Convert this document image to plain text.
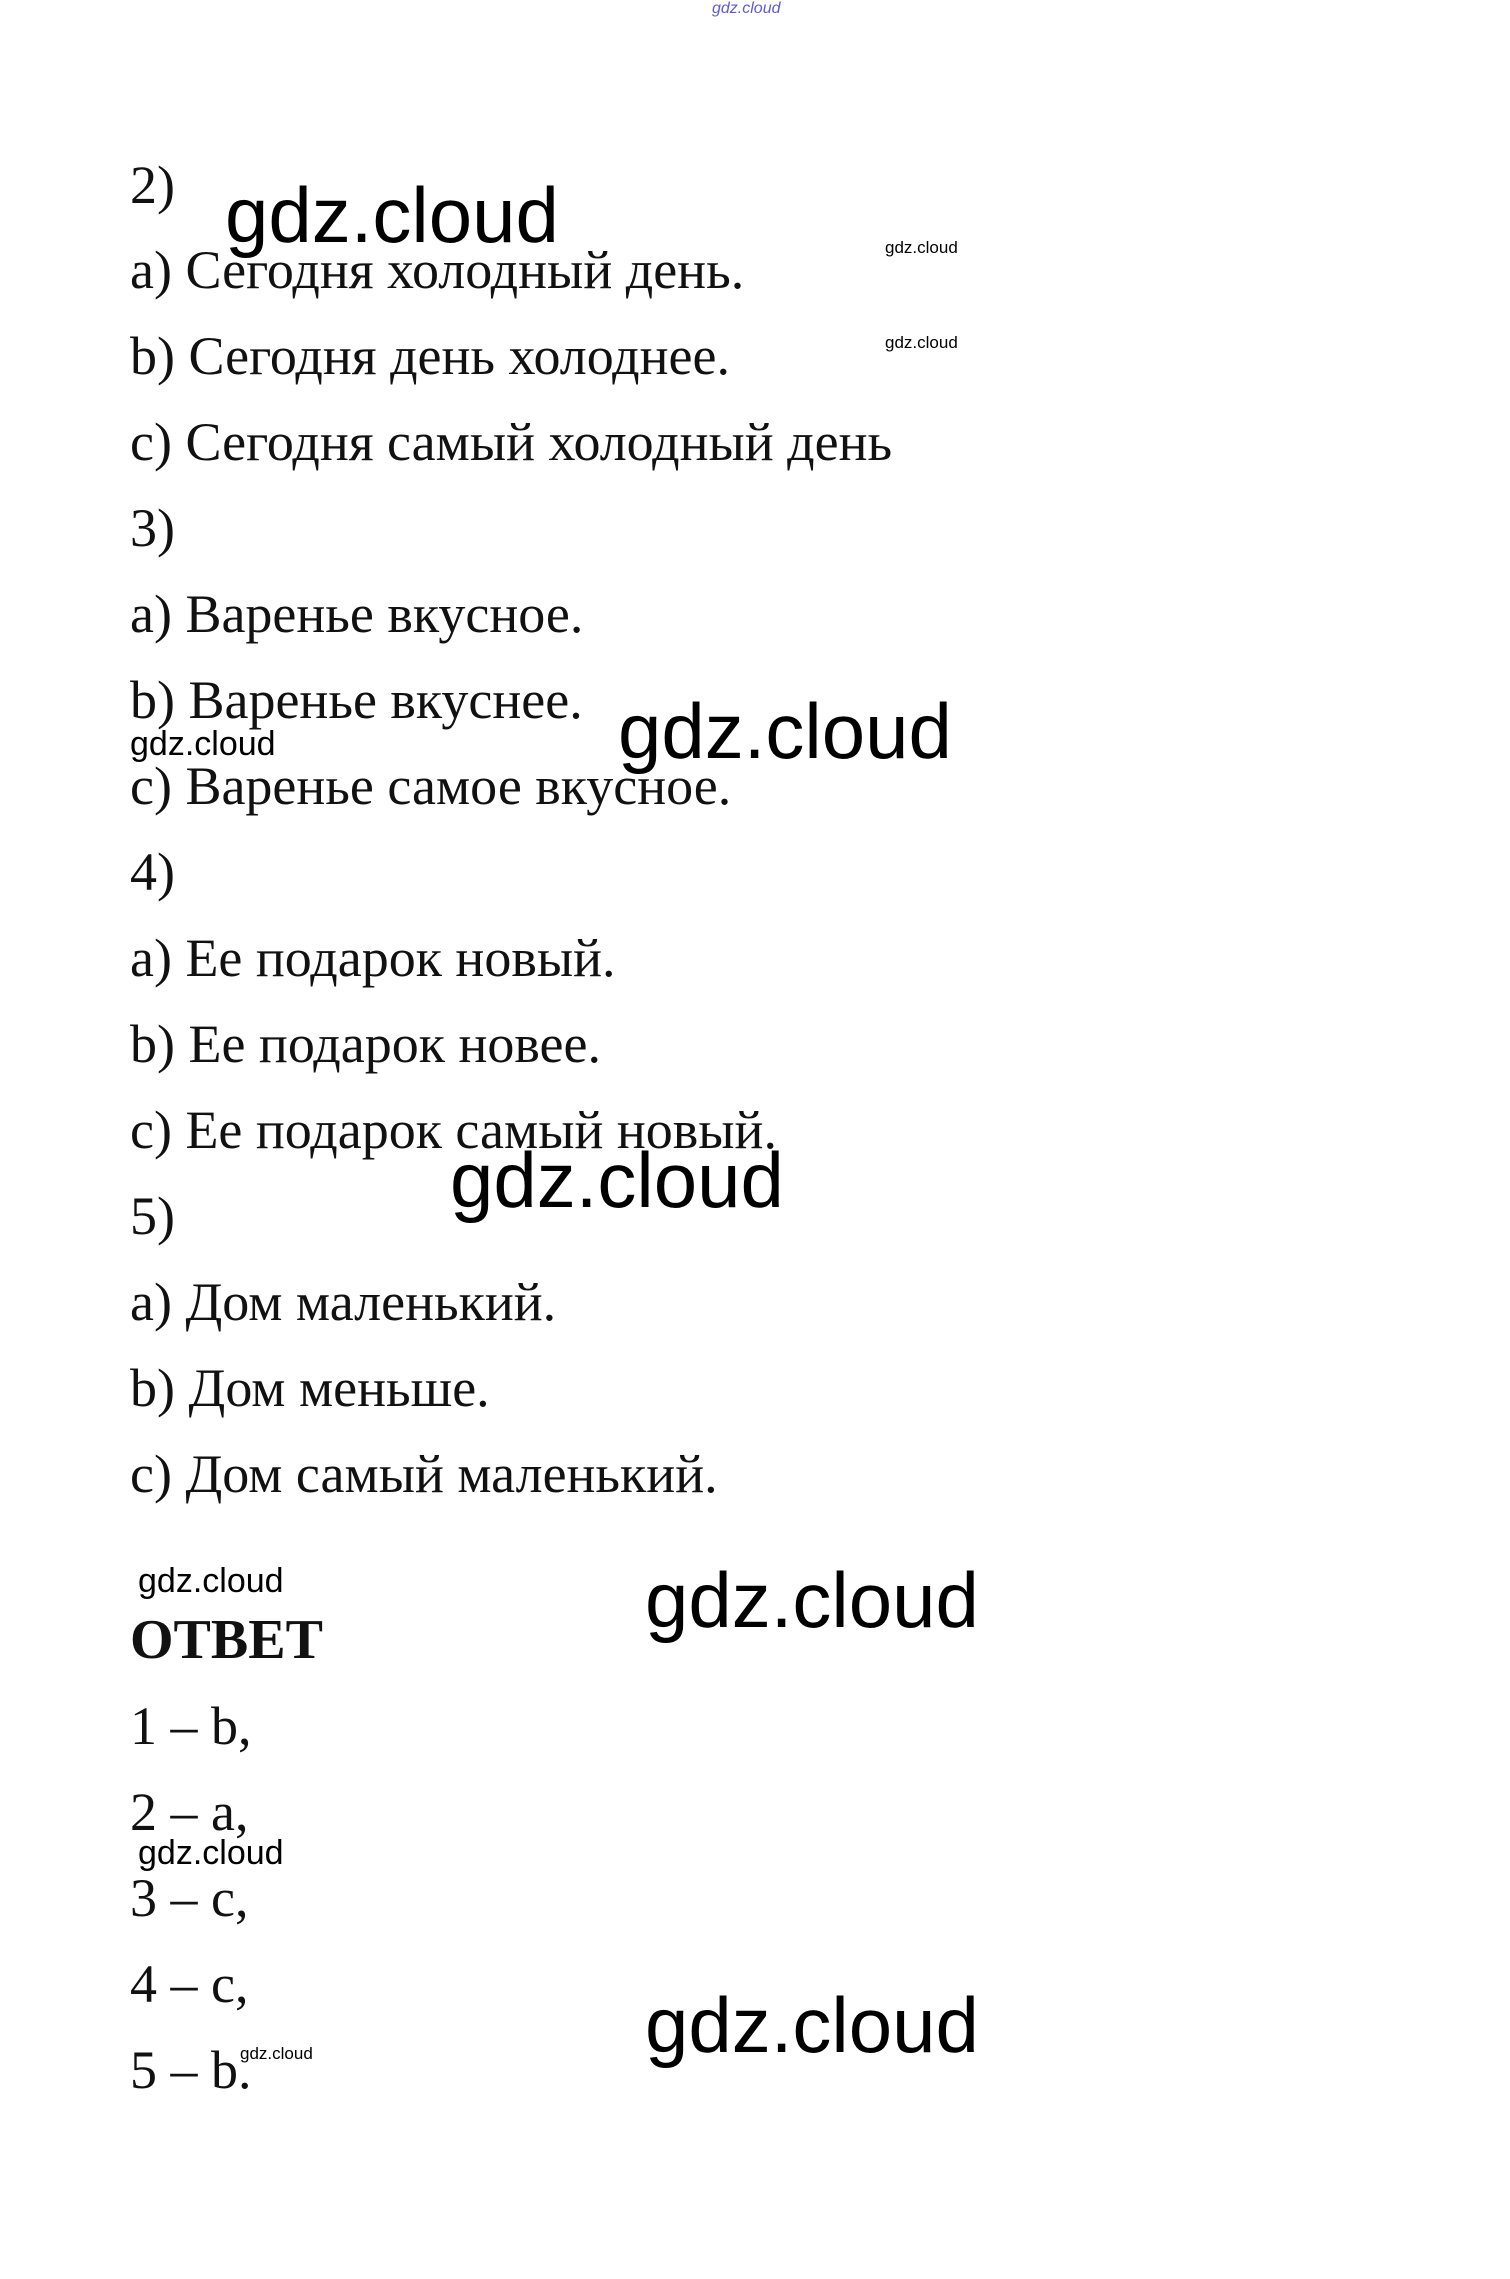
gdz.cloud
2)
a) Сегодня холодный день.
b) Сегодня день холоднее.
c) Сегодня самый холодный день
3)
a) Варенье вкусное.
b) Варенье вкуснее.
c) Варенье самое вкусное.
4)
a) Ее подарок новый.
b) Ее подарок новее.
c) Ее подарок самый новый.
5)
a) Дом маленький.
b) Дом меньше.
c) Дом самый маленький.
ОТВЕТ
1 – b,
2 – a,
3 – c,
4 – c,
5 – b.
gdz.cloud	gdz.cloud
gdz.cloud
gdz.cloud
gdz.cloud
gdz.cloud
gdz.cloud
gdz.cloud
gdz.cloud
gdz.cloud
gdz.cloud
